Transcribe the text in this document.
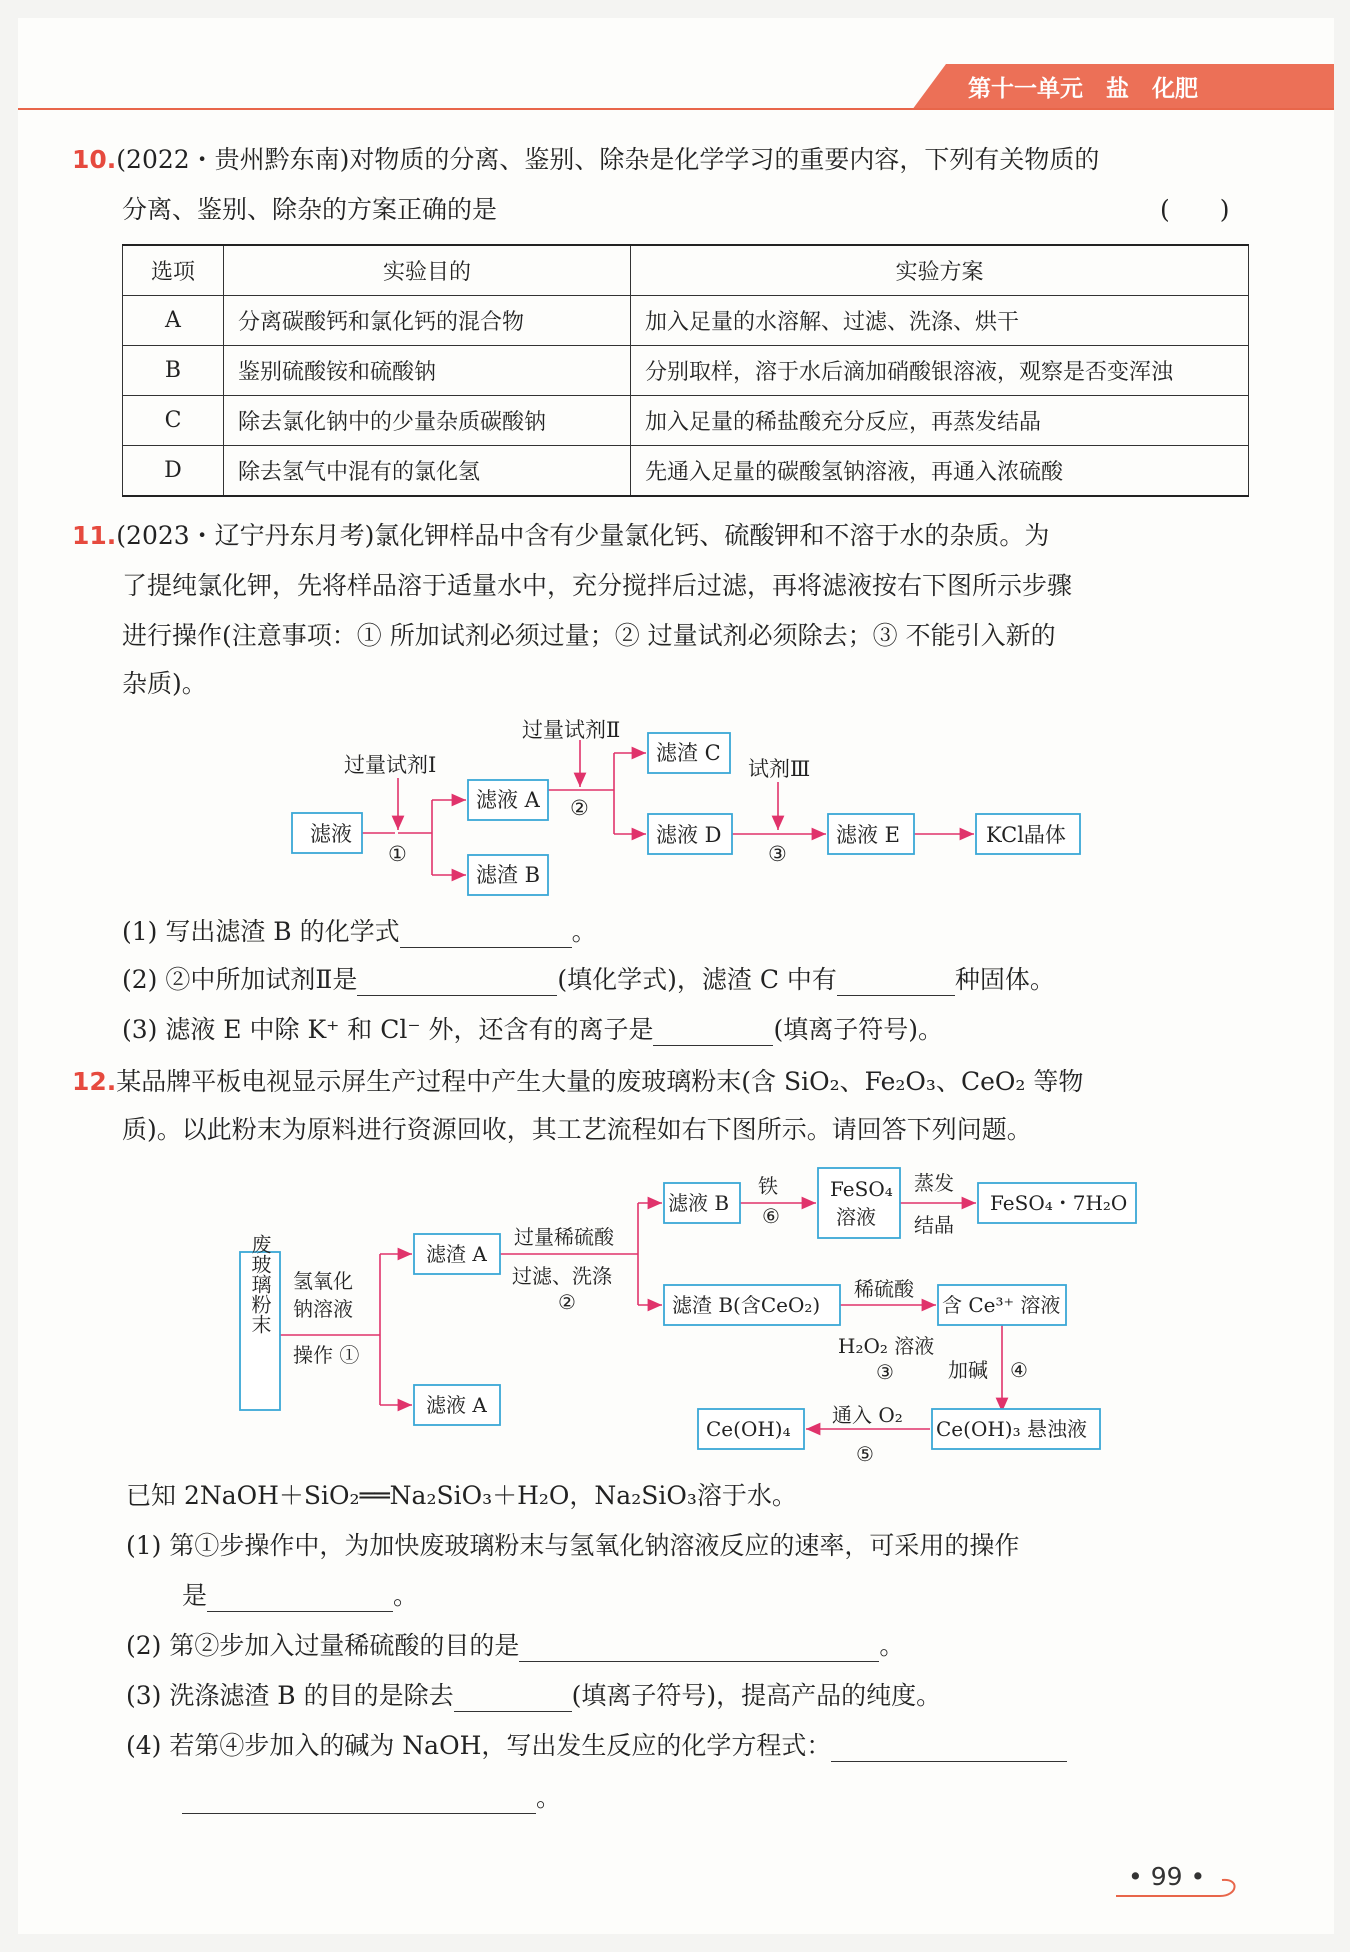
第十一单元　盐　化肥
10.(2022・贵州黔东南)对物质的分离、鉴别、除杂是化学学习的重要内容，下列有关物质的
分离、鉴别、除杂的方案正确的是	(　　)
选项	实验目的	实验方案
A	分离碳酸钙和氯化钙的混合物	加入足量的水溶解、过滤、洗涤、烘干
B	鉴别硫酸铵和硫酸钠	分别取样，溶于水后滴加硝酸银溶液，观察是否变浑浊
C	除去氯化钠中的少量杂质碳酸钠	加入足量的稀盐酸充分反应，再蒸发结晶
D	除去氢气中混有的氯化氢	先通入足量的碳酸氢钠溶液，再通入浓硫酸
11.(2023・辽宁丹东月考)氯化钾样品中含有少量氯化钙、硫酸钾和不溶于水的杂质。为
了提纯氯化钾，先将样品溶于适量水中，充分搅拌后过滤，再将滤液按右下图所示步骤
进行操作(注意事项：① 所加试剂必须过量；② 过量试剂必须除去；③ 不能引入新的
杂质)。
滤液
过量试剂Ⅰ
①
滤液 A
滤渣 B
过量试剂Ⅱ
②
滤渣 C
滤液 D
试剂Ⅲ
③
滤液 E	KCl晶体
(1) 写出滤渣 B 的化学式	。
(2) ②中所加试剂Ⅱ是	(填化学式)，滤渣 C 中有	种固体。
(3) 滤液 E 中除 K⁺ 和 Cl⁻ 外，还含有的离子是	(填离子符号)。
12.某品牌平板电视显示屏生产过程中产生大量的废玻璃粉末(含 SiO₂、Fe₂O₃、CeO₂ 等物
质)。以此粉末为原料进行资源回收，其工艺流程如右下图所示。请回答下列问题。
废玻璃粉末 氢氧化
钠溶液
操作 ①
滤渣 A
滤液 A
过量稀硫酸
过滤、洗涤
②
滤液 B
铁
⑥
FeSO₄
溶液
蒸发
结晶
FeSO₄・7H₂O
滤渣 B(含CeO₂)
稀硫酸
含 Ce³⁺ 溶液
H₂O₂ 溶液
③	加碱 ④
Ce(OH)₃ 悬浊液
通入 O₂
⑤
Ce(OH)₄
已知 2NaOH＋SiO₂══Na₂SiO₃＋H₂O，Na₂SiO₃溶于水。
(1) 第①步操作中，为加快废玻璃粉末与氢氧化钠溶液反应的速率，可采用的操作
是	。
(2) 第②步加入过量稀硫酸的目的是	。
(3) 洗涤滤渣 B 的目的是除去	(填离子符号)，提高产品的纯度。
(4) 若第④步加入的碱为 NaOH，写出发生反应的化学方程式：
。
• 99 •
